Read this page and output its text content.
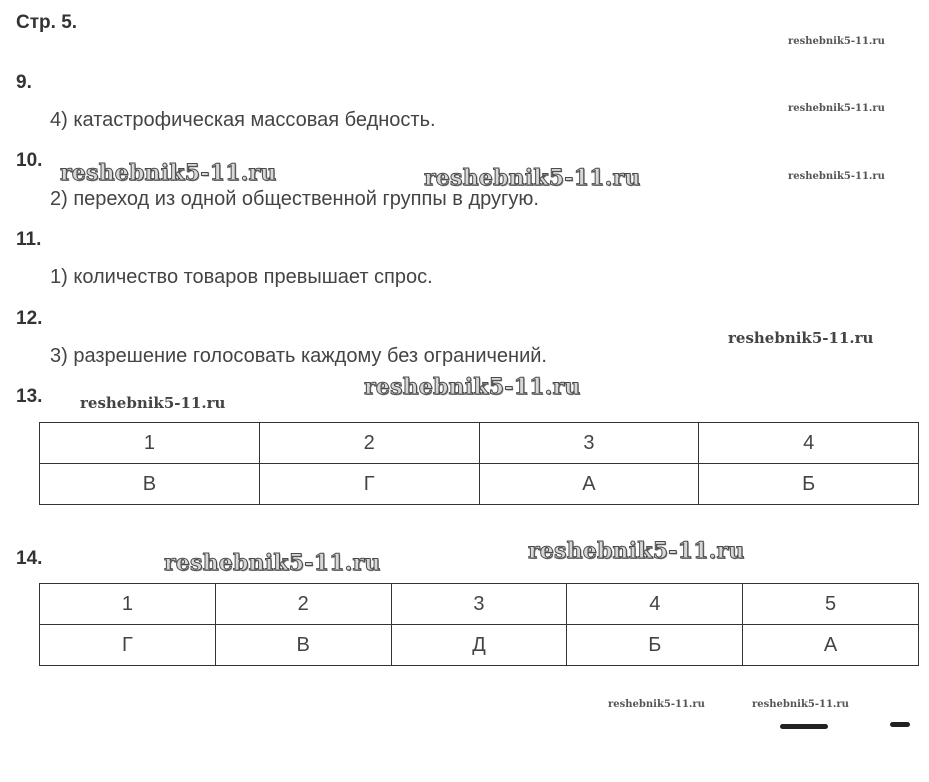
Стр. 5.
9.
4) катастрофическая массовая бедность.
10.
2) переход из одной общественной группы в другую.
11.
1) количество товаров превышает спрос.
12.
3) разрешение голосовать каждому без ограничений.
13.
1	2	3	4
В	Г	А	Б
14.
1	2	3	4	5
Г	В	Д	Б	А
reshebnik5-11.ru
reshebnik5-11.ru
reshebnik5-11.ru
reshebnik5-11.ru	reshebnik5-11.ru
reshebnik5-11.ru
reshebnik5-11.ru
reshebnik5-11.ru
reshebnik5-11.ru
reshebnik5-11.ru
reshebnik5-11.ru	reshebnik5-11.ru
